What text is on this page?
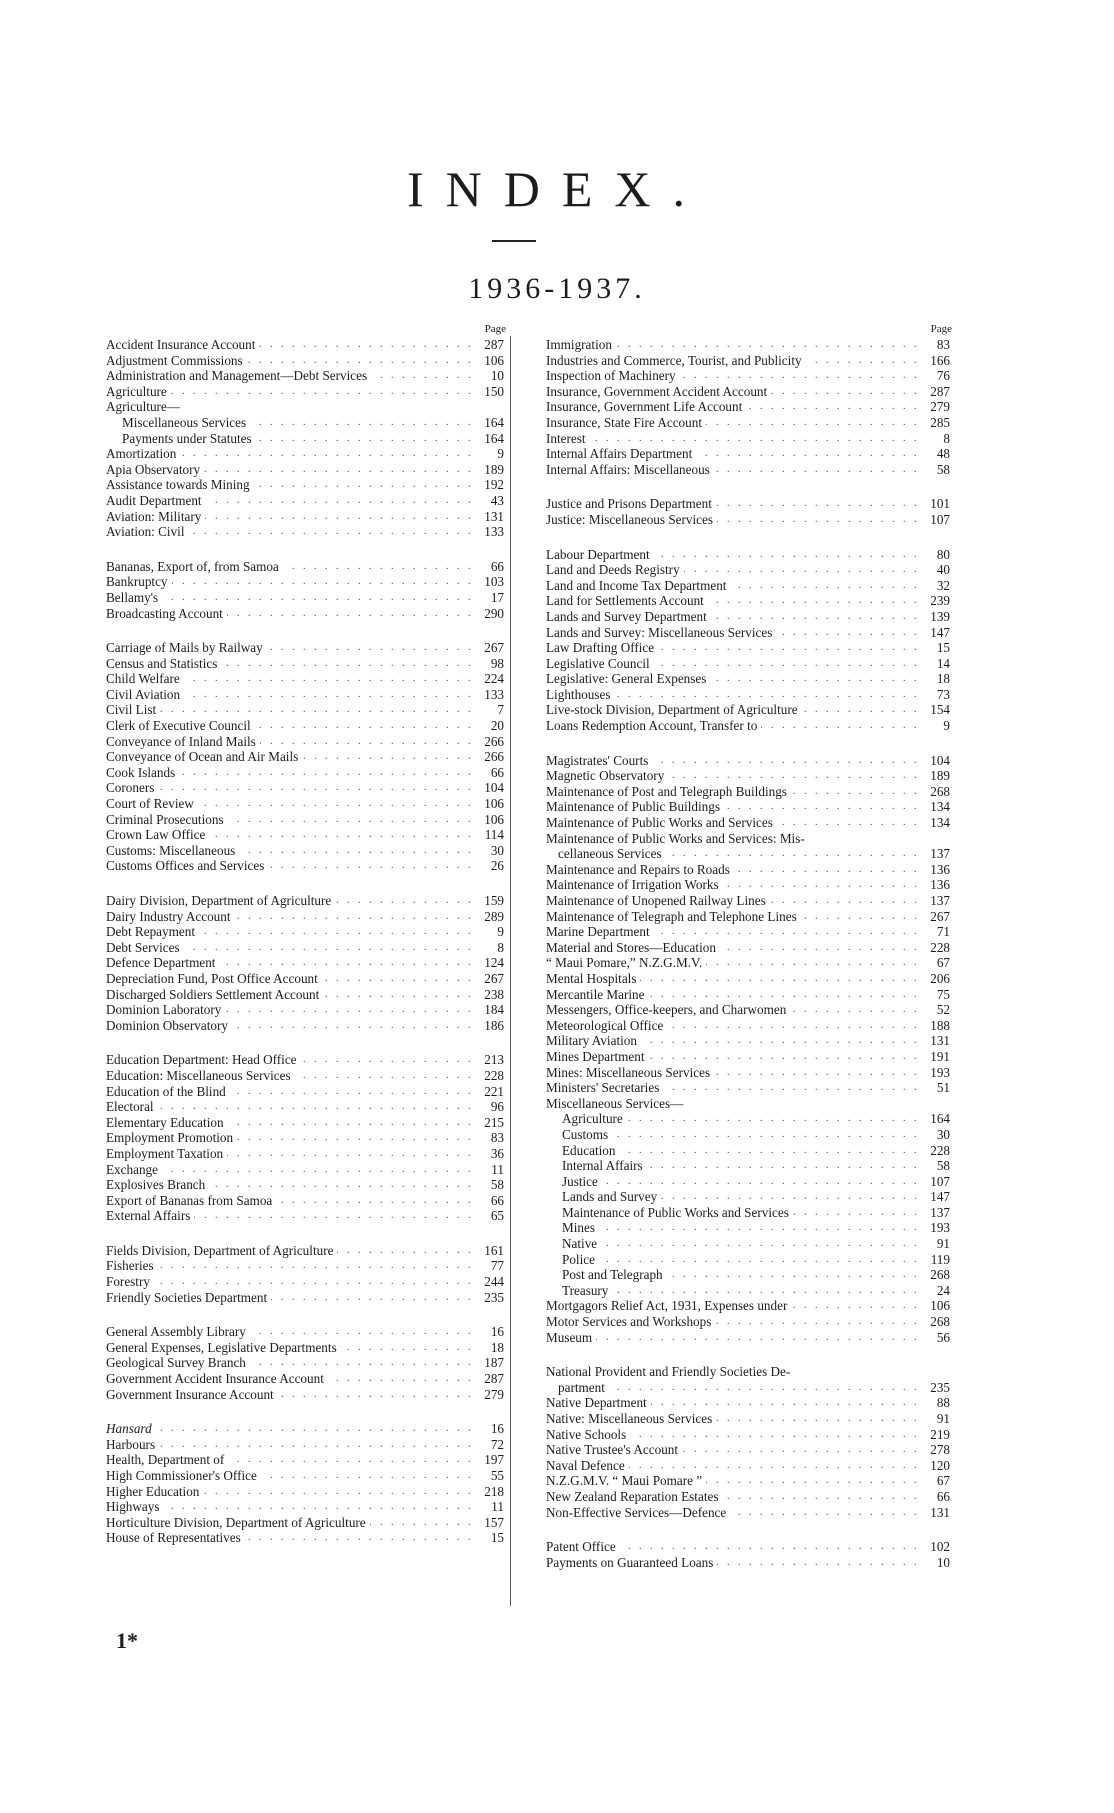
INDEX.
1936-1937.
Page
. . Accident Insurance Account	287
. . Adjustment Commissions	106
. . Administration and Management—Debt Services	10
. . Agriculture	150
Agriculture—
. . Miscellaneous Services	164
. . Payments under Statutes	164
. . Amortization	9
. . Apia Observatory	189
. . Assistance towards Mining	192
. . Audit Department	43
. . Aviation: Military	131
. . Aviation: Civil	133
. . Bananas, Export of, from Samoa	66
. . Bankruptcy	103
. . Bellamy's	17
. . Broadcasting Account	290
. . Carriage of Mails by Railway	267
. . Census and Statistics	98
. . Child Welfare	224
. . Civil Aviation	133
. . Civil List	7
. . Clerk of Executive Council	20
. . Conveyance of Inland Mails	266
. . Conveyance of Ocean and Air Mails	266
. . Cook Islands	66
. . Coroners	104
. . Court of Review	106
. . Criminal Prosecutions	106
. . Crown Law Office	114
. . Customs: Miscellaneous	30
. . Customs Offices and Services	26
. . Dairy Division, Department of Agriculture	159
. . Dairy Industry Account	289
. . Debt Repayment	9
. . Debt Services	8
. . Defence Department	124
. . Depreciation Fund, Post Office Account	267
. . Discharged Soldiers Settlement Account	238
. . Dominion Laboratory	184
. . Dominion Observatory	186
. . Education Department: Head Office	213
. . Education: Miscellaneous Services	228
. . Education of the Blind	221
. . Electoral	96
. . Elementary Education	215
. . Employment Promotion	83
. . Employment Taxation	36
. . Exchange	11
. . Explosives Branch	58
. . Export of Bananas from Samoa	66
. . External Affairs	65
. . Fields Division, Department of Agriculture	161
. . Fisheries	77
. . Forestry	244
. . Friendly Societies Department	235
. . General Assembly Library	16
. . General Expenses, Legislative Departments	18
. . Geological Survey Branch	187
. . Government Accident Insurance Account	287
. . Government Insurance Account	279
. . Hansard	16
. . Harbours	72
. . Health, Department of	197
. . High Commissioner's Office	55
. . Higher Education	218
. . Highways	11
. . Horticulture Division, Department of Agriculture	157
. . House of Representatives	15
Page
. . Immigration	83
. . Industries and Commerce, Tourist, and Publicity	166
. . Inspection of Machinery	76
. . Insurance, Government Accident Account	287
. . Insurance, Government Life Account	279
. . Insurance, State Fire Account	285
. . Interest	8
. . Internal Affairs Department	48
. . Internal Affairs: Miscellaneous	58
. . Justice and Prisons Department	101
. . Justice: Miscellaneous Services	107
. . Labour Department	80
. . Land and Deeds Registry	40
. . Land and Income Tax Department	32
. . Land for Settlements Account	239
. . Lands and Survey Department	139
. . Lands and Survey: Miscellaneous Services	147
. . Law Drafting Office	15
. . Legislative Council	14
. . Legislative: General Expenses	18
. . Lighthouses	73
. . Live-stock Division, Department of Agriculture	154
. . Loans Redemption Account, Transfer to	9
. . Magistrates' Courts	104
. . Magnetic Observatory	189
. . Maintenance of Post and Telegraph Buildings	268
. . Maintenance of Public Buildings	134
. . Maintenance of Public Works and Services	134
Maintenance of Public Works and Services: Mis-
. . cellaneous Services	137
. . Maintenance and Repairs to Roads	136
. . Maintenance of Irrigation Works	136
. . Maintenance of Unopened Railway Lines	137
. . Maintenance of Telegraph and Telephone Lines	267
. . Marine Department	71
. . Material and Stores—Education	228
. . “ Maui Pomare,” N.Z.G.M.V.	67
. . Mental Hospitals	206
. . Mercantile Marine	75
. . Messengers, Office-keepers, and Charwomen	52
. . Meteorological Office	188
. . Military Aviation	131
. . Mines Department	191
. . Mines: Miscellaneous Services	193
. . Ministers' Secretaries	51
Miscellaneous Services—
. . Agriculture	164
. . Customs	30
. . Education	228
. . Internal Affairs	58
. . Justice	107
. . Lands and Survey	147
. . Maintenance of Public Works and Services	137
. . Mines	193
. . Native	91
. . Police	119
. . Post and Telegraph	268
. . Treasury	24
. . Mortgagors Relief Act, 1931, Expenses under	106
. . Motor Services and Workshops	268
. . Museum	56
National Provident and Friendly Societies De-
. . partment	235
. . Native Department	88
. . Native: Miscellaneous Services	91
. . Native Schools	219
. . Native Trustee's Account	278
. . Naval Defence	120
. . N.Z.G.M.V. “ Maui Pomare ”	67
. . New Zealand Reparation Estates	66
. . Non-Effective Services—Defence	131
. . Patent Office	102
. . Payments on Guaranteed Loans	10
1*
